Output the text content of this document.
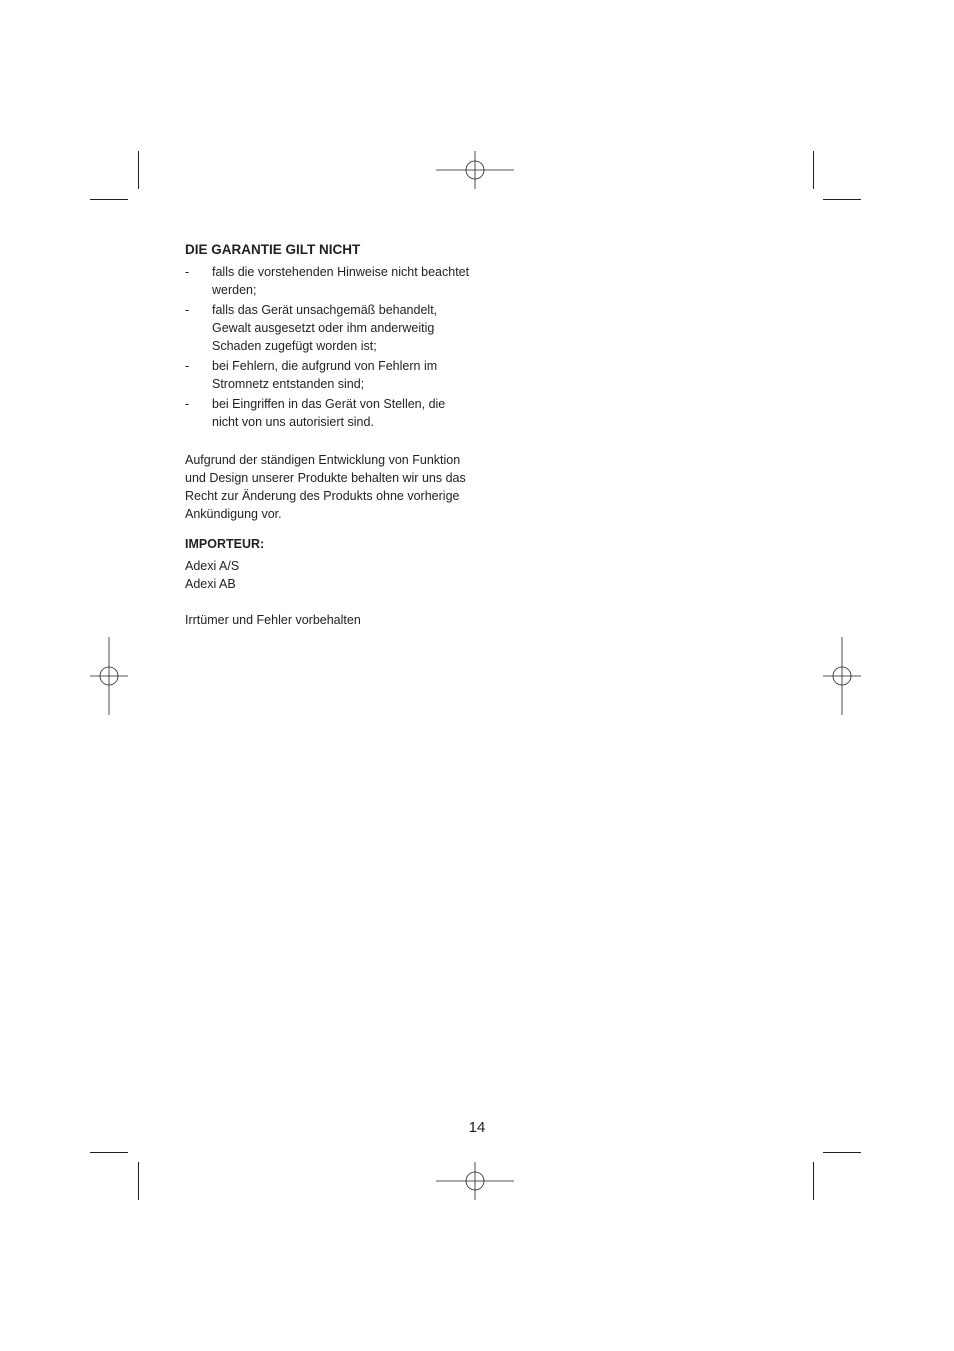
DIE GARANTIE GILT NICHT
- falls die vorstehenden Hinweise nicht beachtet werden;
- falls das Gerät unsachgemäß behandelt, Gewalt ausgesetzt oder ihm anderweitig Schaden zugefügt worden ist;
- bei Fehlern, die aufgrund von Fehlern im Stromnetz entstanden sind;
- bei Eingriffen in das Gerät von Stellen, die nicht von uns autorisiert sind.

Aufgrund der ständigen Entwicklung von Funktion und Design unserer Produkte behalten wir uns das Recht zur Änderung des Produkts ohne vorherige Ankündigung vor.

IMPORTEUR:
Adexi A/S
Adexi AB

Irrtümer und Fehler vorbehalten

14
